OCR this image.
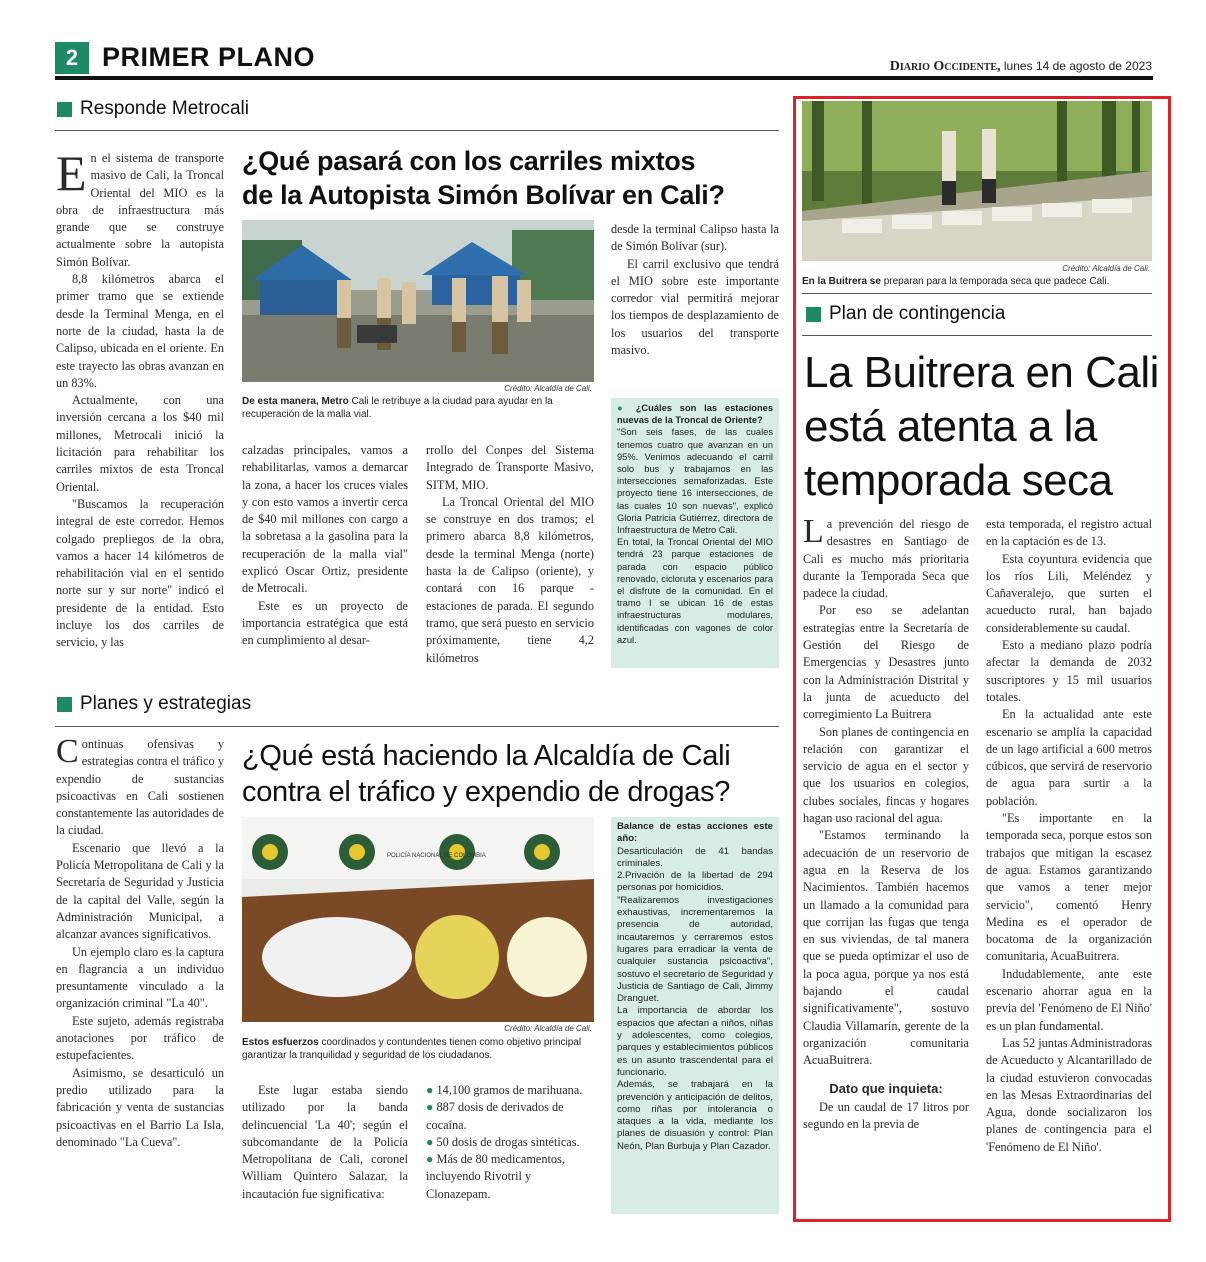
2 PRIMER PLANO	Diario Occidente, lunes 14 de agosto de 2023
Responde Metrocali

En el sistema de transporte masivo de Cali, la Troncal Oriental del MIO es la obra de infraestructura más grande que se construye actualmente sobre la autopista Simón Bolívar.

8,8 kilómetros abarca el primer tramo que se extiende desde la Terminal Menga, en el norte de la ciudad, hasta la de Calipso, ubicada en el oriente. En este trayecto las obras avanzan en un 83%.

Actualmente, con una inversión cercana a los $40 mil millones, Metrocali inició la licitación para rehabilitar los carriles mixtos de esta Troncal Oriental.

"Buscamos la recuperación integral de este corredor. Hemos colgado prepliegos de la obra, vamos a hacer 14 kilómetros de rehabilitación vial en el sentido norte sur y sur norte" indicó el presidente de la entidad. Esto incluye los dos carriles de servicio, y las

¿Qué pasará con los carriles mixtos
de la Autopista Simón Bolívar en Cali?
Crédito: Alcaldía de Cali.
De esta manera, Metro Cali le retribuye a la ciudad para ayudar en la recuperación de la malla vial.

calzadas principales, vamos a rehabilitarlas, vamos a demarcar la zona, a hacer los cruces viales y con esto vamos a invertir cerca de $40 mil millones con cargo a la sobretasa a la gasolina para la recuperación de la malla vial" explicó Oscar Ortiz, presidente de Metrocali.

Este es un proyecto de importancia estratégica que está en cumplimiento al desar-

rrollo del Conpes del Sistema Integrado de Transporte Masivo, SITM, MIO.

La Troncal Oriental del MIO se construye en dos tramos; el primero abarca 8,8 kilómetros, desde la terminal Menga (norte) hasta la de Calipso (oriente), y contará con 16 parque - estaciones de parada. El segundo tramo, que será puesto en servicio próximamente, tiene 4,2 kilómetros

desde la terminal Calipso hasta la de Simón Bolívar (sur).

El carril exclusivo que tendrá el MIO sobre este importante corredor vial permitirá mejorar los tiempos de desplazamiento de los usuarios del transporte masivo.

● ¿Cuáles son las estaciones nuevas de la Troncal de Oriente?
"Son seis fases, de las cuales tenemos cuatro que avanzan en un 95%. Venimos adecuando el carril solo bus y trabajamos en las intersecciones semaforizadas. Este proyecto tiene 16 intersecciones, de las cuales 10 son nuevas", explicó Gloria Patricia Gutiérrez, directora de Infraestructura de Metro Cali.
En total, la Troncal Oriental del MIO tendrá 23 parque estaciones de parada con espacio público renovado, cicloruta y escenarios para el disfrute de la comunidad. En el tramo I se ubican 16 de estas infraestructuras modulares, identificadas con vagones de color azul.
Planes y estrategias

Continuas ofensivas y estrategias contra el tráfico y expendio de sustancias psicoactivas en Cali sostienen constantemente las autoridades de la ciudad.

Escenario que llevó a la Policía Metropolitana de Cali y la Secretaría de Seguridad y Justicia de la capital del Valle, según la Administración Municipal, a alcanzar avances significativos.

Un ejemplo claro es la captura en flagrancia a un individuo presuntamente vinculado a la organización criminal "La 40".

Este sujeto, además registraba anotaciones por tráfico de estupefacientes.

Asimismo, se desarticuló un predio utilizado para la fabricación y venta de sustancias psicoactivas en el Barrio La Isla, denominado "La Cueva".

¿Qué está haciendo la Alcaldía de Cali
contra el tráfico y expendio de drogas?
POLICÍA NACIONAL DE COLOMBIA
Crédito: Alcaldía de Cali.
Estos esfuerzos coordinados y contundentes tienen como objetivo principal garantizar la tranquilidad y seguridad de los ciudadanos.

Este lugar estaba siendo utilizado por la banda delincuencial 'La 40'; según el subcomandante de la Policía Metropolitana de Cali, coronel William Quintero Salazar, la incautación fue significativa:

● 14,100 gramos de marihuana.
● 887 dosis de derivados de cocaína.
● 50 dosis de drogas sintéticas.
● Más de 80 medicamentos, incluyendo Rivotril y Clonazepam.
Balance de estas acciones este año:
Desarticulación de 41 bandas criminales.
2.Privación de la libertad de 294 personas por homicidios.
"Realizaremos investigaciones exhaustivas, incrementaremos la presencia de autoridad, incautaremos y cerraremos estos lugares para erradicar la venta de cualquier sustancia psicoactiva", sostuvo el secretario de Seguridad y Justicia de Santiago de Cali, Jimmy Dranguet.
La importancia de abordar los espacios que afectan a niños, niñas y adolescentes, como colegios, parques y establecimientos públicos es un asunto trascendental para el funcionario.
Además, se trabajará en la prevención y anticipación de delitos, como riñas por intolerancia o ataques a la vida, mediante los planes de disuasión y control: Plan Neón, Plan Burbuja y Plan Cazador.
Crédito: Alcaldía de Cali.
En la Buitrera se preparan para la temporada seca que padece Cali.
Plan de contingencia
La Buitrera en Cali
está atenta a la
temporada seca

La prevención del riesgo de desastres en Santiago de Cali es mucho más prioritaria durante la Temporada Seca que padece la ciudad.

Por eso se adelantan estrategias entre la Secretaría de Gestión del Riesgo de Emergencias y Desastres junto con la Administración Distrital y la junta de acueducto del corregimiento La Buitrera

Son planes de contingencia en relación con garantizar el servicio de agua en el sector y que los usuarios en colegios, clubes sociales, fincas y hogares hagan uso racional del agua.

"Estamos terminando la adecuación de un reservorio de agua en la Reserva de los Nacimientos. También hacemos un llamado a la comunidad para que corrijan las fugas que tenga en sus viviendas, de tal manera que se pueda optimizar el uso de la poca agua, porque ya nos está bajando el caudal significativamente", sostuvo Claudia Villamarín, gerente de la organización comunitaria AcuaBuitrera.

Dato que inquieta:

De un caudal de 17 litros por segundo en la previa de

esta temporada, el registro actual en la captación es de 13.

Esta coyuntura evidencia que los ríos Lili, Meléndez y Cañaveralejo, que surten el acueducto rural, han bajado considerablemente su caudal.

Esto a mediano plazo podría afectar la demanda de 2032 suscriptores y 15 mil usuarios totales.

En la actualidad ante este escenario se amplía la capacidad de un lago artificial a 600 metros cúbicos, que servirá de reservorio de agua para surtir a la población.

"Es importante en la temporada seca, porque estos son trabajos que mitigan la escasez de agua. Estamos garantizando que vamos a tener mejor servicio", comentó Henry Medina es el operador de bocatoma de la organización comunitaria, AcuaBuitrera.

Indudablemente, ante este escenario ahorrar agua en la previa del 'Fenómeno de El Niño' es un plan fundamental.

Las 52 juntas Administradoras de Acueducto y Alcantarillado de la ciudad estuvieron convocadas en las Mesas Extraordinarias del Agua, donde socializaron los planes de contingencia para el 'Fenómeno de El Niño'.
